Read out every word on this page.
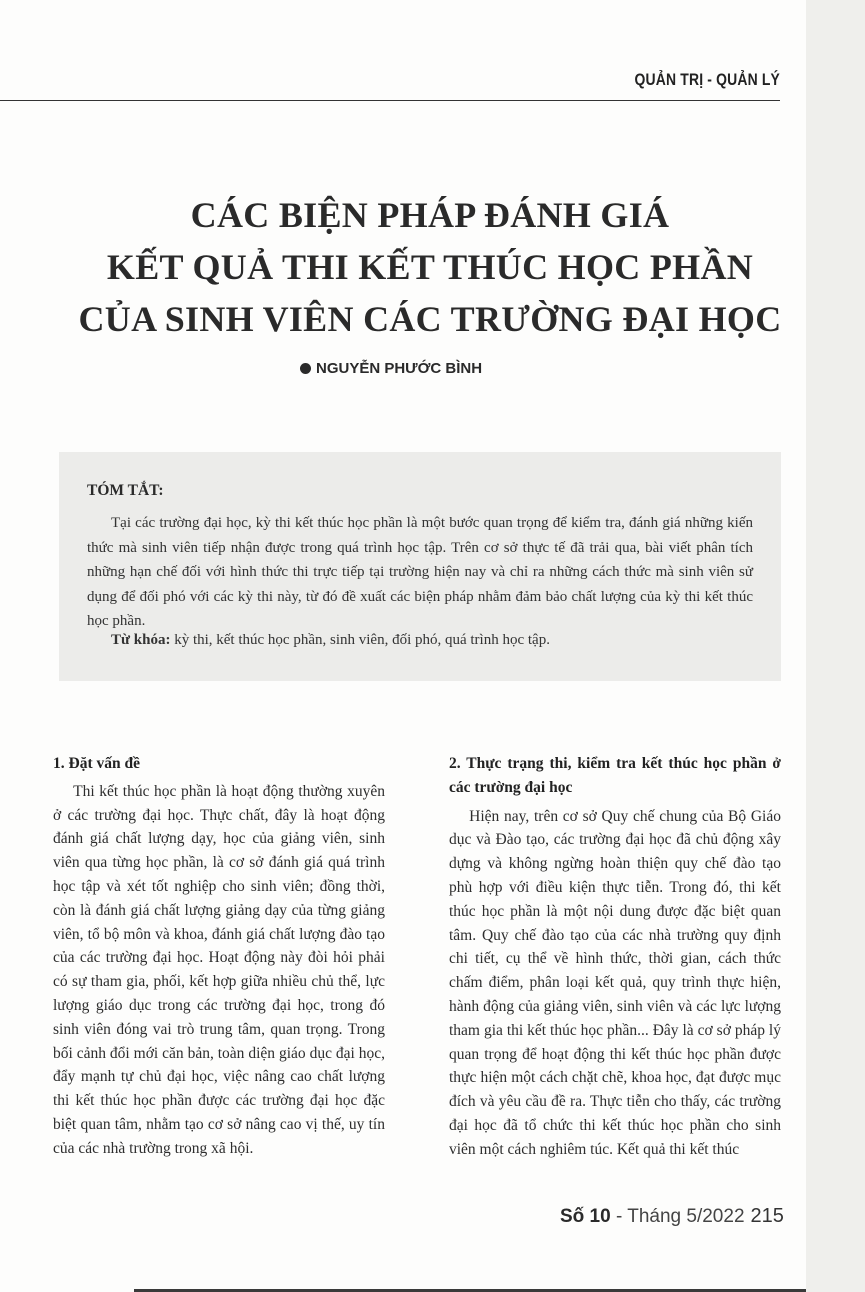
QUẢN TRỊ - QUẢN LÝ
CÁC BIỆN PHÁP ĐÁNH GIÁ
KẾT QUẢ THI KẾT THÚC HỌC PHẦN
CỦA SINH VIÊN CÁC TRƯỜNG ĐẠI HỌC
NGUYỄN PHƯỚC BÌNH
TÓM TẮT:

Tại các trường đại học, kỳ thi kết thúc học phần là một bước quan trọng để kiểm tra, đánh giá những kiến thức mà sinh viên tiếp nhận được trong quá trình học tập. Trên cơ sở thực tế đã trải qua, bài viết phân tích những hạn chế đối với hình thức thi trực tiếp tại trường hiện nay và chỉ ra những cách thức mà sinh viên sử dụng để đối phó với các kỳ thi này, từ đó đề xuất các biện pháp nhằm đảm bảo chất lượng của kỳ thi kết thúc học phần.

Từ khóa: kỳ thi, kết thúc học phần, sinh viên, đối phó, quá trình học tập.

1. Đặt vấn đề

Thi kết thúc học phần là hoạt động thường xuyên ở các trường đại học. Thực chất, đây là hoạt động đánh giá chất lượng dạy, học của giảng viên, sinh viên qua từng học phần, là cơ sở đánh giá quá trình học tập và xét tốt nghiệp cho sinh viên; đồng thời, còn là đánh giá chất lượng giảng dạy của từng giảng viên, tổ bộ môn và khoa, đánh giá chất lượng đào tạo của các trường đại học. Hoạt động này đòi hỏi phải có sự tham gia, phối, kết hợp giữa nhiều chủ thể, lực lượng giáo dục trong các trường đại học, trong đó sinh viên đóng vai trò trung tâm, quan trọng. Trong bối cảnh đổi mới căn bản, toàn diện giáo dục đại học, đẩy mạnh tự chủ đại học, việc nâng cao chất lượng thi kết thúc học phần được các trường đại học đặc biệt quan tâm, nhằm tạo cơ sở nâng cao vị thế, uy tín của các nhà trường trong xã hội.

2. Thực trạng thi, kiểm tra kết thúc học phần ở các trường đại học

Hiện nay, trên cơ sở Quy chế chung của Bộ Giáo dục và Đào tạo, các trường đại học đã chủ động xây dựng và không ngừng hoàn thiện quy chế đào tạo phù hợp với điều kiện thực tiễn. Trong đó, thi kết thúc học phần là một nội dung được đặc biệt quan tâm. Quy chế đào tạo của các nhà trường quy định chi tiết, cụ thể về hình thức, thời gian, cách thức chấm điểm, phân loại kết quả, quy trình thực hiện, hành động của giảng viên, sinh viên và các lực lượng tham gia thi kết thúc học phần... Đây là cơ sở pháp lý quan trọng để hoạt động thi kết thúc học phần được thực hiện một cách chặt chẽ, khoa học, đạt được mục đích và yêu cầu đề ra. Thực tiễn cho thấy, các trường đại học đã tổ chức thi kết thúc học phần cho sinh viên một cách nghiêm túc. Kết quả thi kết thúc

Số 10 - Tháng 5/2022 215
